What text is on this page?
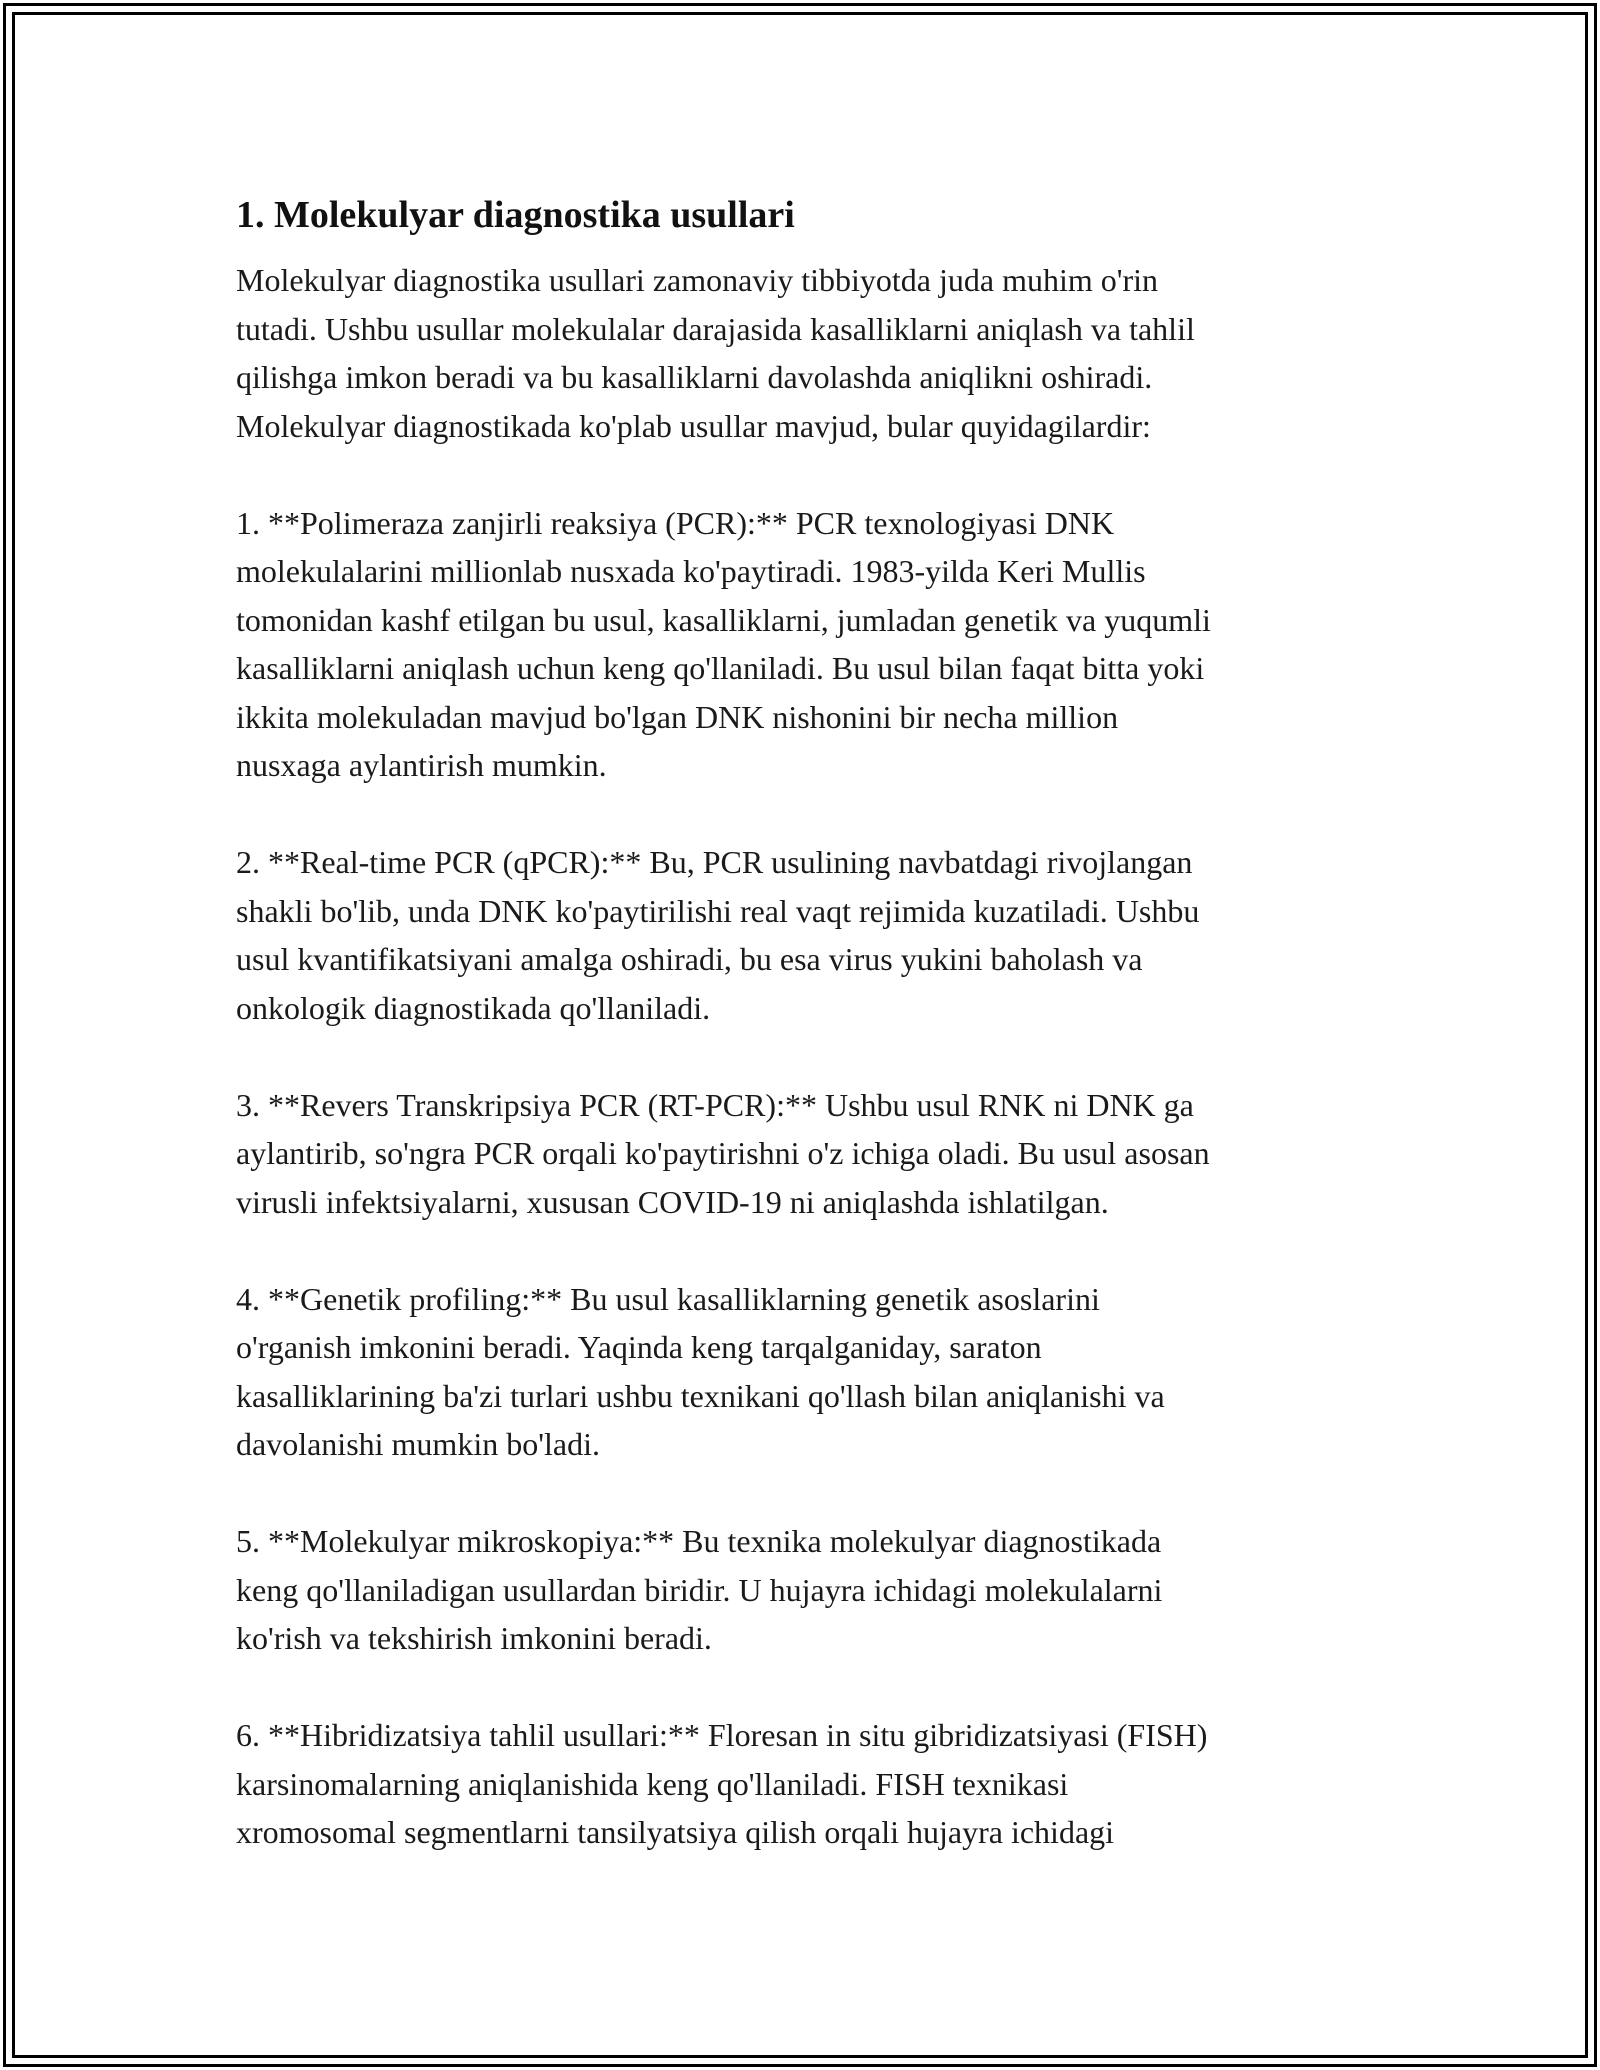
1. Molekulyar diagnostika usullari

Molekulyar diagnostika usullari zamonaviy tibbiyotda juda muhim o'rin
tutadi. Ushbu usullar molekulalar darajasida kasalliklarni aniqlash va tahlil
qilishga imkon beradi va bu kasalliklarni davolashda aniqlikni oshiradi.
Molekulyar diagnostikada ko'plab usullar mavjud, bular quyidagilardir:

1. **Polimeraza zanjirli reaksiya (PCR):** PCR texnologiyasi DNK
molekulalarini millionlab nusxada ko'paytiradi. 1983-yilda Keri Mullis
tomonidan kashf etilgan bu usul, kasalliklarni, jumladan genetik va yuqumli
kasalliklarni aniqlash uchun keng qo'llaniladi. Bu usul bilan faqat bitta yoki
ikkita molekuladan mavjud bo'lgan DNK nishonini bir necha million
nusxaga aylantirish mumkin.

2. **Real-time PCR (qPCR):** Bu, PCR usulining navbatdagi rivojlangan
shakli bo'lib, unda DNK ko'paytirilishi real vaqt rejimida kuzatiladi. Ushbu
usul kvantifikatsiyani amalga oshiradi, bu esa virus yukini baholash va
onkologik diagnostikada qo'llaniladi.

3. **Revers Transkripsiya PCR (RT-PCR):** Ushbu usul RNK ni DNK ga
aylantirib, so'ngra PCR orqali ko'paytirishni o'z ichiga oladi. Bu usul asosan
virusli infektsiyalarni, xususan COVID-19 ni aniqlashda ishlatilgan.

4. **Genetik profiling:** Bu usul kasalliklarning genetik asoslarini
o'rganish imkonini beradi. Yaqinda keng tarqalganiday, saraton
kasalliklarining ba'zi turlari ushbu texnikani qo'llash bilan aniqlanishi va
davolanishi mumkin bo'ladi.

5. **Molekulyar mikroskopiya:** Bu texnika molekulyar diagnostikada
keng qo'llaniladigan usullardan biridir. U hujayra ichidagi molekulalarni
ko'rish va tekshirish imkonini beradi.

6. **Hibridizatsiya tahlil usullari:** Floresan in situ gibridizatsiyasi (FISH)
karsinomalarning aniqlanishida keng qo'llaniladi. FISH texnikasi
xromosomal segmentlarni tansilyatsiya qilish orqali hujayra ichidagi
